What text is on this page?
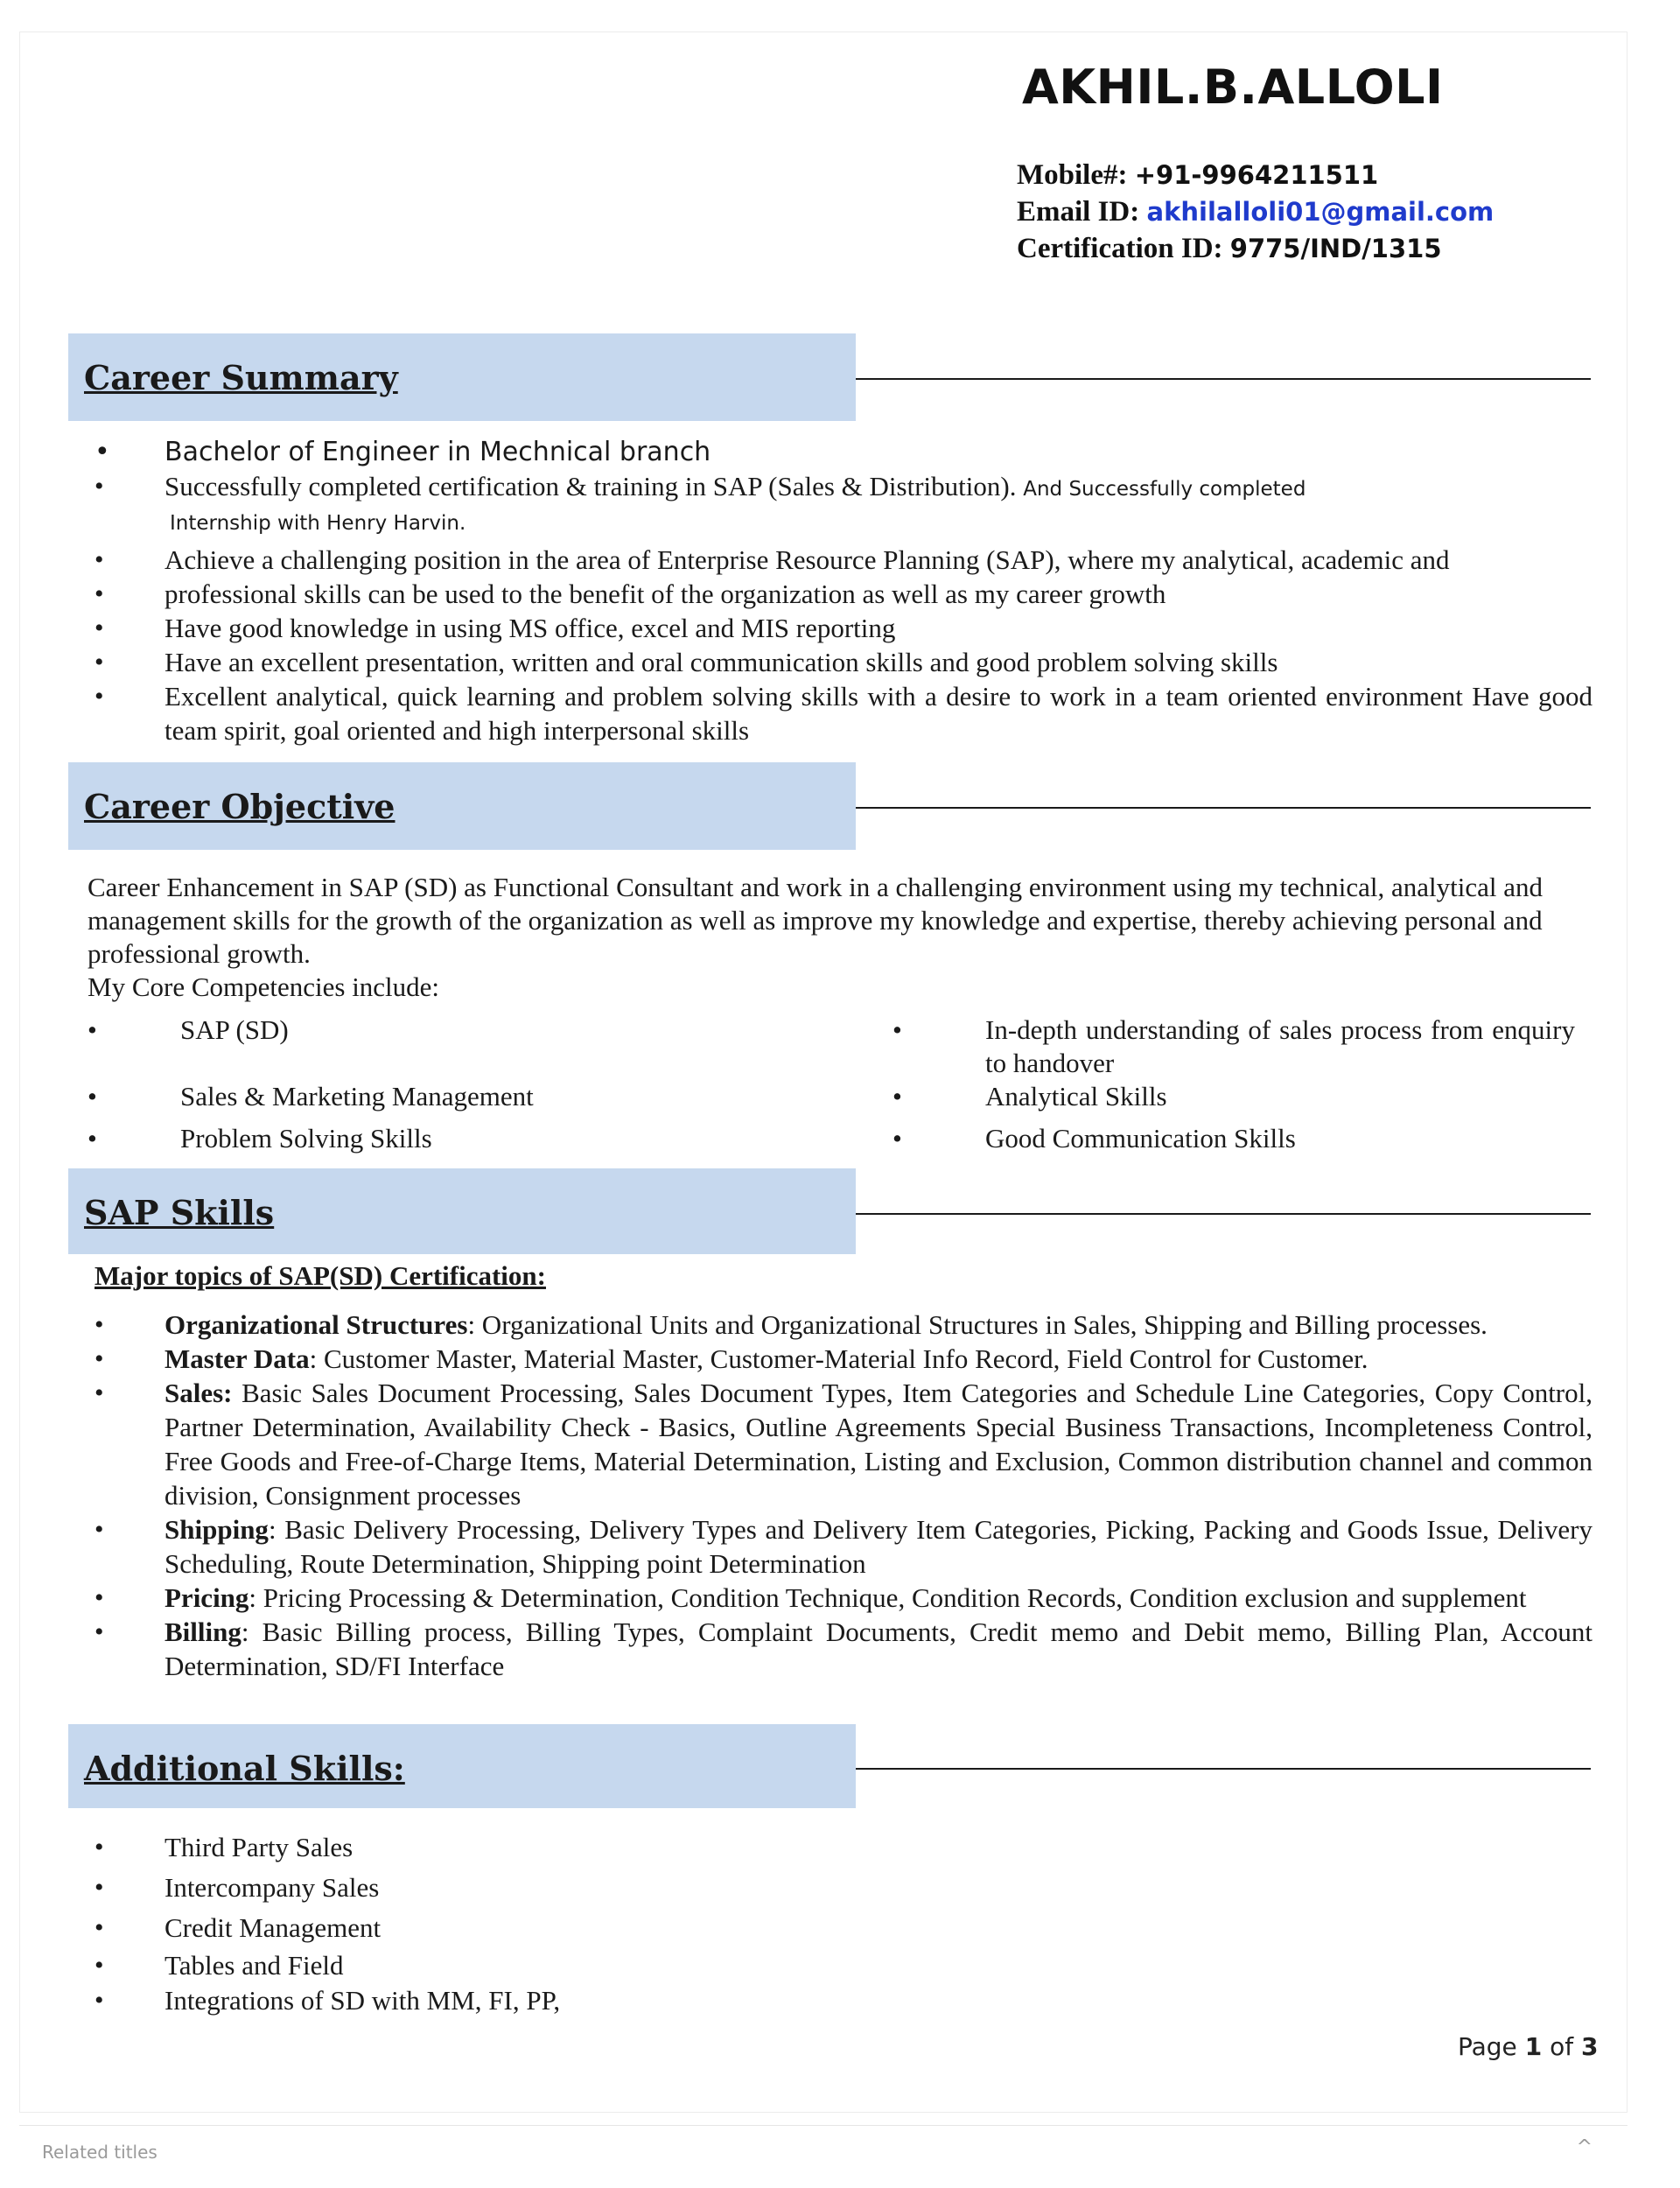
AKHIL.B.ALLOLI
Mobile#: +91-9964211511
Email ID: akhilalloli01@gmail.com
Certification ID: 9775/IND/1315
Career Summary
• Bachelor of Engineer in Mechnical branch
• Successfully completed certification & training in SAP (Sales & Distribution). And Successfully completed
Internship with Henry Harvin.
• Achieve a challenging position in the area of Enterprise Resource Planning (SAP), where my analytical, academic and
• professional skills can be used to the benefit of the organization as well as my career growth
• Have good knowledge in using MS office, excel and MIS reporting
• Have an excellent presentation, written and oral communication skills and good problem solving skills
• Excellent analytical, quick learning and problem solving skills with a desire to work in a team oriented environment Have good team spirit, goal oriented and high interpersonal skills
Career Objective
Career Enhancement in SAP (SD) as Functional Consultant and work in a challenging environment using my technical, analytical and management skills for the growth of the organization as well as improve my knowledge and expertise, thereby achieving personal and professional growth.
My Core Competencies include:
•	SAP (SD)
•	Sales & Marketing Management
•	Problem Solving Skills
•	In-depth understanding of sales process from enquiry to handover
•	Analytical Skills
•	Good Communication Skills
SAP Skills
Major topics of SAP(SD) Certification:
• Organizational Structures: Organizational Units and Organizational Structures in Sales, Shipping and Billing processes.
• Master Data: Customer Master, Material Master, Customer-Material Info Record, Field Control for Customer.
• Sales: Basic Sales Document Processing, Sales Document Types, Item Categories and Schedule Line Categories, Copy Control, Partner Determination, Availability Check - Basics, Outline Agreements Special Business Transactions, Incompleteness Control, Free Goods and Free-of-Charge Items, Material Determination, Listing and Exclusion, Common distribution channel and common division, Consignment processes
• Shipping: Basic Delivery Processing, Delivery Types and Delivery Item Categories, Picking, Packing and Goods Issue, Delivery Scheduling, Route Determination, Shipping point Determination
• Pricing: Pricing Processing & Determination, Condition Technique, Condition Records, Condition exclusion and supplement
• Billing: Basic Billing process, Billing Types, Complaint Documents, Credit memo and Debit memo, Billing Plan, Account Determination, SD/FI Interface
Additional Skills:
• Third Party Sales
• Intercompany Sales
• Credit Management
• Tables and Field
• Integrations of SD with MM, FI, PP,
Page 1 of 3
Related titles	^
